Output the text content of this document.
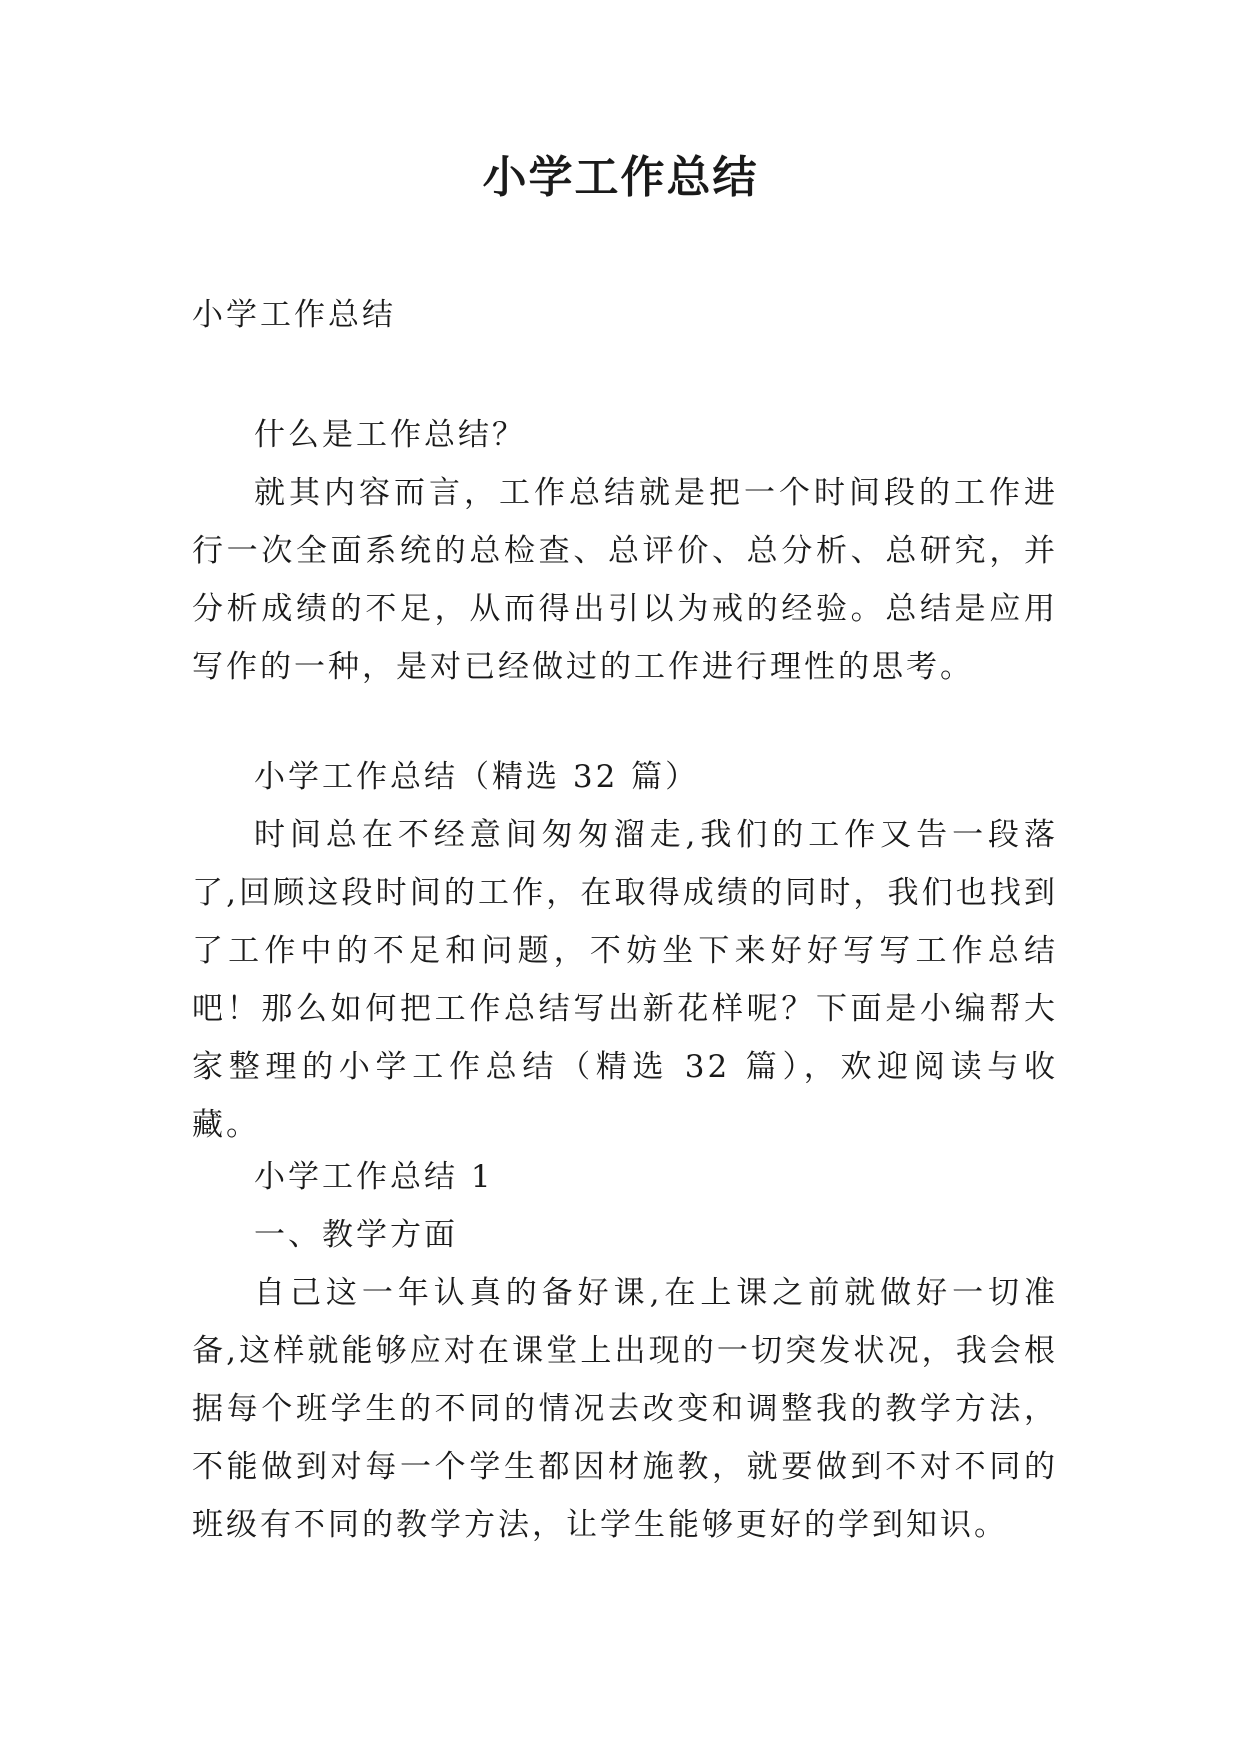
小学工作总结
小学工作总结

什么是工作总结？

就其内容而言，工作总结就是把一个时间段的工作进行一次全面系统的总检查、总评价、总分析、总研究，并分析成绩的不足，从而得出引以为戒的经验。总结是应用写作的一种，是对已经做过的工作进行理性的思考。

小学工作总结（精选 32 篇）

时间总在不经意间匆匆溜走,我们的工作又告一段落了,回顾这段时间的工作，在取得成绩的同时，我们也找到了工作中的不足和问题，不妨坐下来好好写写工作总结吧！那么如何把工作总结写出新花样呢？下面是小编帮大家整理的小学工作总结（精选 32 篇），欢迎阅读与收藏。

小学工作总结 1

一、教学方面

自己这一年认真的备好课,在上课之前就做好一切准备,这样就能够应对在课堂上出现的一切突发状况，我会根据每个班学生的不同的情况去改变和调整我的教学方法，不能做到对每一个学生都因材施教，就要做到不对不同的班级有不同的教学方法，让学生能够更好的学到知识。
